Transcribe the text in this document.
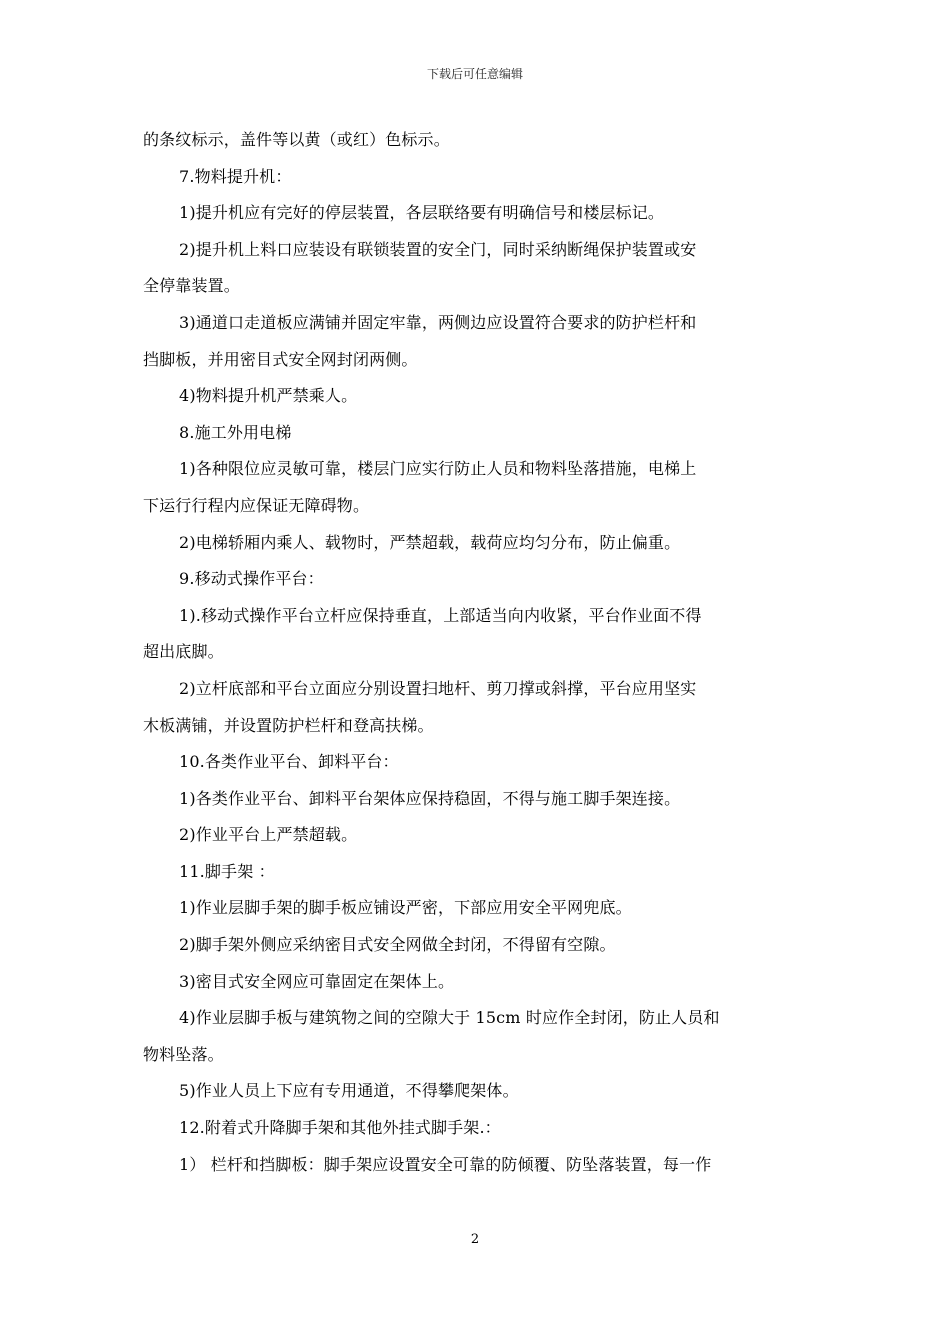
下载后可任意编辑

的条纹标示，盖件等以黄（或红）色标示。

7.物料提升机：

1)提升机应有完好的停层装置，各层联络要有明确信号和楼层标记。

2)提升机上料口应装设有联锁装置的安全门，同时采纳断绳保护装置或安

全停靠装置。

3)通道口走道板应满铺并固定牢靠，两侧边应设置符合要求的防护栏杆和

挡脚板，并用密目式安全网封闭两侧。

4)物料提升机严禁乘人。

8.施工外用电梯

1)各种限位应灵敏可靠，楼层门应实行防止人员和物料坠落措施，电梯上

下运行行程内应保证无障碍物。

2)电梯轿厢内乘人、载物时，严禁超载，载荷应均匀分布，防止偏重。

9.移动式操作平台：

1).移动式操作平台立杆应保持垂直，上部适当向内收紧，平台作业面不得

超出底脚。

2)立杆底部和平台立面应分别设置扫地杆、剪刀撑或斜撑，平台应用坚实

木板满铺，并设置防护栏杆和登高扶梯。

10.各类作业平台、卸料平台：

1)各类作业平台、卸料平台架体应保持稳固，不得与施工脚手架连接。

2)作业平台上严禁超载。

11.脚手架 ：

1)作业层脚手架的脚手板应铺设严密，下部应用安全平网兜底。

2)脚手架外侧应采纳密目式安全网做全封闭，不得留有空隙。

3)密目式安全网应可靠固定在架体上。

4)作业层脚手板与建筑物之间的空隙大于 15cm 时应作全封闭，防止人员和

物料坠落。

5)作业人员上下应有专用通道，不得攀爬架体。

12.附着式升降脚手架和其他外挂式脚手架.：

1） 栏杆和挡脚板：脚手架应设置安全可靠的防倾覆、防坠落装置，每一作

2
